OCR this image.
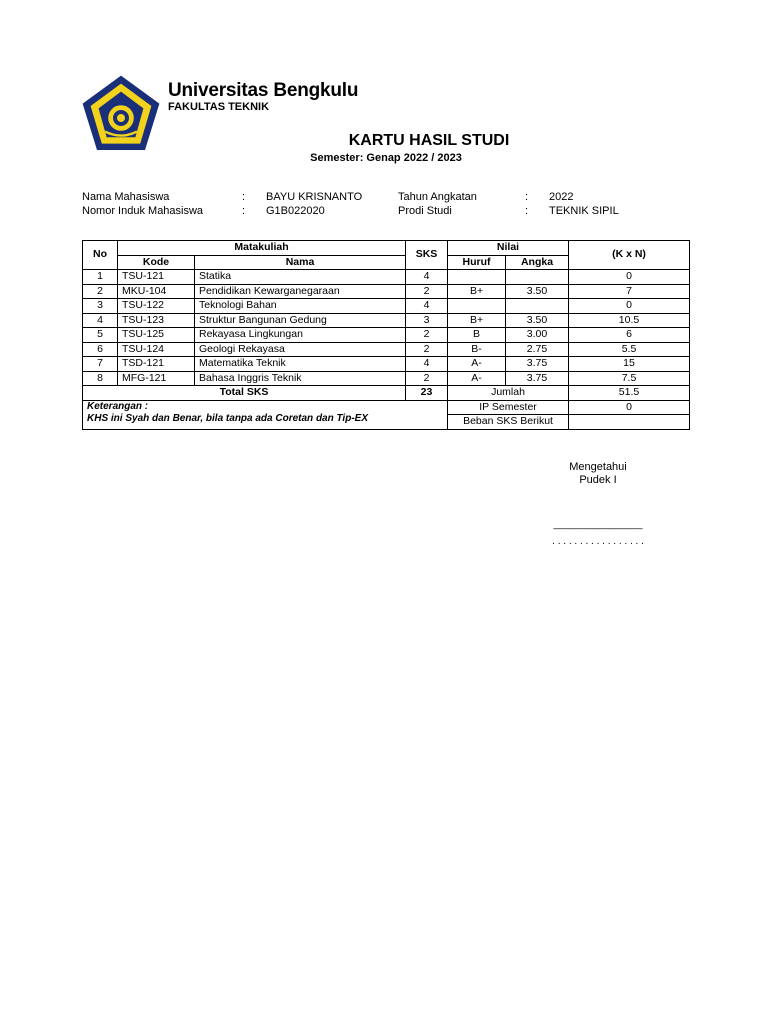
Universitas Bengkulu
FAKULTAS TEKNIK
KARTU HASIL STUDI
Semester: Genap 2022 / 2023
Nama Mahasiswa	: BAYU KRISNANTO	Tahun Angkatan	: 2022
Nomor Induk Mahasiswa	: G1B022020	Prodi Studi	: TEKNIK SIPIL
No	Matakuliah		SKS	Nilai		(K x N)
	Kode	Nama		Huruf	Angka	
1	TSU-121	Statika	4			0
2	MKU-104	Pendidikan Kewarganegaraan	2	B+	3.50	7
3	TSU-122	Teknologi Bahan	4			0
4	TSU-123	Struktur Bangunan Gedung	3	B+	3.50	10.5
5	TSU-125	Rekayasa Lingkungan	2	B	3.00	6
6	TSU-124	Geologi Rekayasa	2	B-	2.75	5.5
7	TSD-121	Matematika Teknik	4	A-	3.75	15
8	MFG-121	Bahasa Inggris Teknik	2	A-	3.75	7.5
Total SKS			23	Jumlah		51.5

Keterangan :
KHS ini Syah dan Benar, bila tanpa ada Coretan dan Tip-EX				IP Semester		0
				Beban SKS Berikut		
Mengetahui
Pudek I
________________
. . . . . . . . . . . . . . . . .
